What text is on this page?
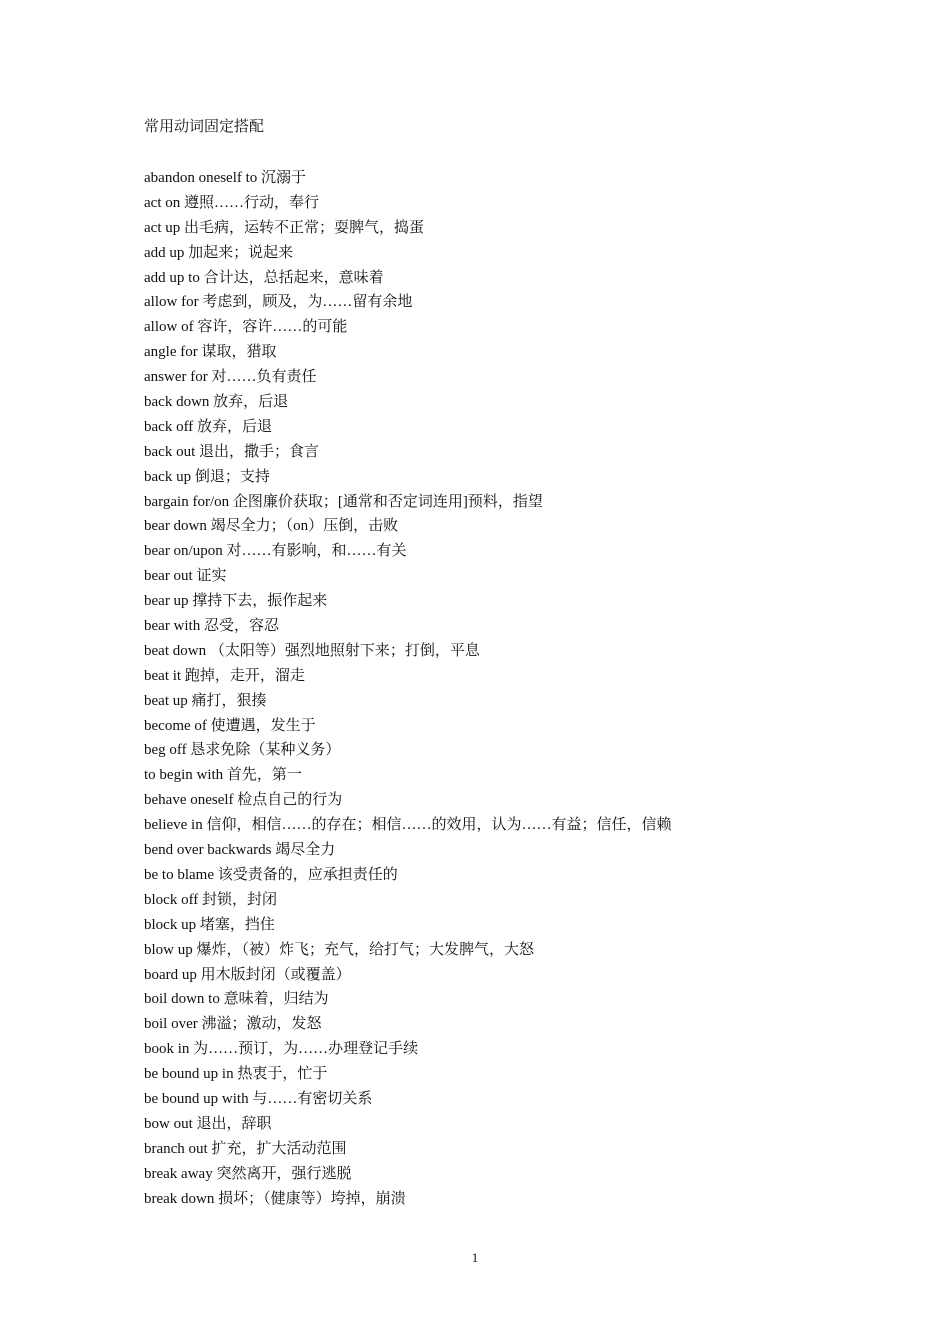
常用动词固定搭配
abandon oneself to 沉溺于
act on 遵照……行动，奉行
act up 出毛病，运转不正常；耍脾气，捣蛋
add up 加起来；说起来
add up to 合计达，总括起来，意味着
allow for 考虑到，顾及，为……留有余地
allow of 容许，容许……的可能
angle for 谋取，猎取
answer for 对……负有责任
back down 放弃，后退
back off 放弃，后退
back out 退出，撒手；食言
back up 倒退；支持
bargain for/on 企图廉价获取；[通常和否定词连用]预料，指望
bear down 竭尽全力；（on）压倒，击败
bear on/upon 对……有影响，和……有关
bear out 证实
bear up 撑持下去，振作起来
bear with 忍受，容忍
beat down （太阳等）强烈地照射下来；打倒，平息
beat it 跑掉，走开，溜走
beat up 痛打，狠揍
become of 使遭遇，发生于
beg off 恳求免除（某种义务）
to begin with 首先，第一
behave oneself 检点自己的行为
believe in 信仰，相信……的存在；相信……的效用，认为……有益；信任，信赖
bend over backwards 竭尽全力
be to blame 该受责备的，应承担责任的
block off 封锁，封闭
block up 堵塞，挡住
blow up 爆炸，（被）炸飞；充气，给打气；大发脾气，大怒
board up 用木版封闭（或覆盖）
boil down to 意味着，归结为
boil over 沸溢；激动，发怒
book in 为……预订，为……办理登记手续
be bound up in 热衷于，忙于
be bound up with 与……有密切关系
bow out 退出，辞职
branch out 扩充，扩大活动范围
break away 突然离开，强行逃脱
break down 损坏；（健康等）垮掉，崩溃
1
